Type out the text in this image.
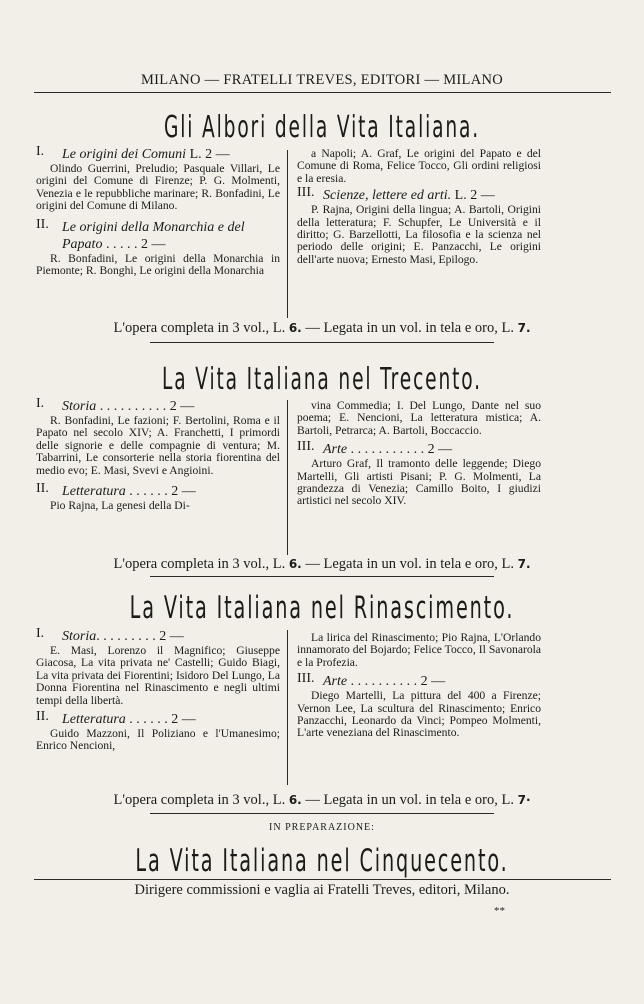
MILANO — FRATELLI TREVES, EDITORI — MILANO
Gli Albori della Vita Italiana.
I. Le origini dei Comuni L. 2 —

Olindo Guerrini, Preludio; Pasquale Villari, Le origini del Comune di Firenze; P. G. Molmenti, Venezia e le repubbliche marinare; R. Bonfadini, Le origini del Comune di Milano.

II. Le origini della Monarchia e del Papato . . . . . 2 —

R. Bonfadini, Le origini della Monarchia in Piemonte; R. Bonghi, Le origini della Monarchia

a Napoli; A. Graf, Le origini del Papato e del Comune di Roma, Felice Tocco, Gli ordini religiosi e la eresia.

III. Scienze, lettere ed arti. L. 2 —

P. Rajna, Origini della lingua; A. Bartoli, Origini della letteratura; F. Schupfer, Le Università e il diritto; G. Barzellotti, La filosofia e la scienza nel periodo delle origini; E. Panzacchi, Le origini dell'arte nuova; Ernesto Masi, Epilogo.

L'opera completa in 3 vol., L. 6. — Legata in un vol. in tela e oro, L. 7.
La Vita Italiana nel Trecento.
I. Storia . . . . . . . . . . 2 —

R. Bonfadini, Le fazioni; F. Bertolini, Roma e il Papato nel secolo XIV; A. Franchetti, I primordi delle signorie e delle compagnie di ventura; M. Tabarrini, Le consorterie nella storia fiorentina del medio evo; E. Masi, Svevi e Angioini.

II. Letteratura . . . . . . 2 —

Pio Rajna, La genesi della Di-

vina Commedia; I. Del Lungo, Dante nel suo poema; E. Nencioni, La letteratura mistica; A. Bartoli, Petrarca; A. Bartoli, Boccaccio.

III. Arte . . . . . . . . . . . 2 —

Arturo Graf, Il tramonto delle leggende; Diego Martelli, Gli artisti Pisani; P. G. Molmenti, La grandezza di Venezia; Camillo Boito, I giudizi artistici nel secolo XIV.

L'opera completa in 3 vol., L. 6. — Legata in un vol. in tela e oro, L. 7.
La Vita Italiana nel Rinascimento.
I. Storia. . . . . . . . . 2 —

E. Masi, Lorenzo il Magnifico; Giuseppe Giacosa, La vita privata ne' Castelli; Guido Biagi, La vita privata dei Fiorentini; Isidoro Del Lungo, La Donna Fiorentina nel Rinascimento e negli ultimi tempi della libertà.

II. Letteratura . . . . . . 2 —

Guido Mazzoni, Il Poliziano e l'Umanesimo; Enrico Nencioni,

La lirica del Rinascimento; Pio Rajna, L'Orlando innamorato del Bojardo; Felice Tocco, Il Savonarola e la Profezia.

III. Arte . . . . . . . . . . 2 —

Diego Martelli, La pittura del 400 a Firenze; Vernon Lee, La scultura del Rinascimento; Enrico Panzacchi, Leonardo da Vinci; Pompeo Molmenti, L'arte veneziana del Rinascimento.

L'opera completa in 3 vol., L. 6. — Legata in un vol. in tela e oro, L. 7·
IN PREPARAZIONE:
La Vita Italiana nel Cinquecento.
Dirigere commissioni e vaglia ai Fratelli Treves, editori, Milano.
**
